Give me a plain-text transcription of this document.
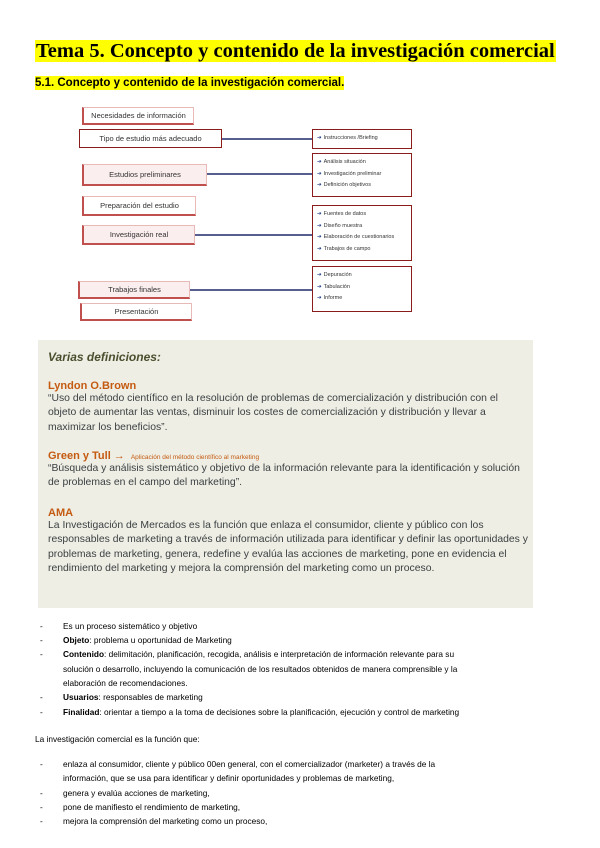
Tema 5. Concepto y contenido de la investigación comercial
5.1. Concepto y contenido de la investigación comercial.
Necesidades de información
Tipo de estudio más adecuado
Estudios preliminares
Preparación del estudio
Investigación real
Trabajos finales
Presentación
➔ Instrucciones /Briefing
➔ Análisis situación
➔ Investigación preliminar
➔ Definición objetivos
➔ Fuentes de datos
➔ Diseño muestra
➔ Elaboración de cuestionarios
➔ Trabajos de campo
➔ Depuración
➔ Tabulación
➔ Informe
Varias definiciones:
Lyndon O.Brown
“Uso del método científico en la resolución de problemas de comercialización y distribución con el objeto de aumentar las ventas, disminuir los costes de comercialización y distribución y llevar a maximizar los beneficios”.
Green y Tull → Aplicación del método científico al marketing
“Búsqueda y análisis sistemático y objetivo de la información relevante para la identificación y solución de problemas en el campo del marketing”.
AMA
La Investigación de Mercados es la función que enlaza el consumidor, cliente y público con los responsables de marketing a través de información utilizada para identificar y definir las oportunidades y problemas de marketing, genera, redefine y evalúa las acciones de marketing, pone en evidencia el rendimiento del marketing y mejora la comprensión del marketing como un proceso.
- Es un proceso sistemático y objetivo
- Objeto: problema u oportunidad de Marketing
- Contenido: delimitación, planificación, recogida, análisis e interpretación de información relevante para su
solución o desarrollo, incluyendo la comunicación de los resultados obtenidos de manera comprensible y la
elaboración de recomendaciones.
- Usuarios: responsables de marketing
- Finalidad: orientar a tiempo a la toma de decisiones sobre la planificación, ejecución y control de marketing
La investigación comercial es la función que:
- enlaza al consumidor, cliente y público 00en general, con el comercializador (marketer) a través de la
información, que se usa para identificar y definir oportunidades y problemas de marketing,
- genera y evalúa acciones de marketing,
- pone de manifiesto el rendimiento de marketing,
- mejora la comprensión del marketing como un proceso,
